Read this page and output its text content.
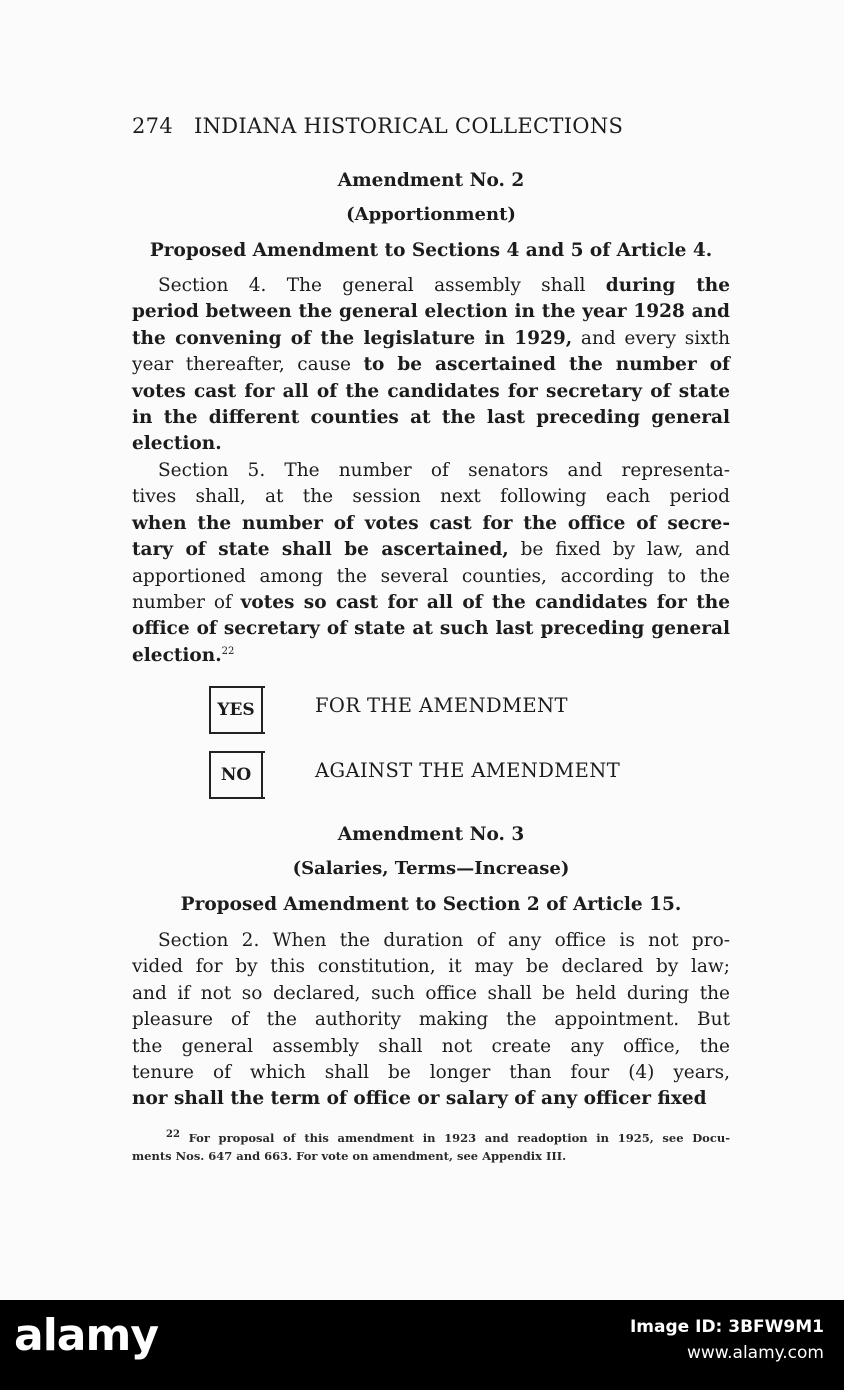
274 INDIANA HISTORICAL COLLECTIONS
Amendment No. 2
(Apportionment)
Proposed Amendment to Sections 4 and 5 of Article 4.
Section 4. The general assembly shall during the
period between the general election in the year 1928 and
the convening of the legislature in 1929, and every sixth
year thereafter, cause to be ascertained the number of
votes cast for all of the candidates for secretary of state
in the different counties at the last preceding general
election.
Section 5. The number of senators and representa-
tives shall, at the session next following each period
when the number of votes cast for the office of secre-
tary of state shall be ascertained, be fixed by law, and
apportioned among the several counties, according to the
number of votes so cast for all of the candidates for the
office of secretary of state at such last preceding general
election.$^{22}$
YES	FOR THE AMENDMENT
NO	AGAINST THE AMENDMENT
Amendment No. 3
(Salaries, Terms—Increase)
Proposed Amendment to Section 2 of Article 15.
Section 2. When the duration of any office is not pro-
vided for by this constitution, it may be declared by law;
and if not so declared, such office shall be held during the
pleasure of the authority making the appointment. But
the general assembly shall not create any office, the
tenure of which shall be longer than four (4) years,
nor shall the term of office or salary of any officer fixed
$^{22}$ For proposal of this amendment in 1923 and readoption in 1925, see Docu-
ments Nos. 647 and 663. For vote on amendment, see Appendix III.
alamy	Image ID: 3BFW9M1
www.alamy.com
